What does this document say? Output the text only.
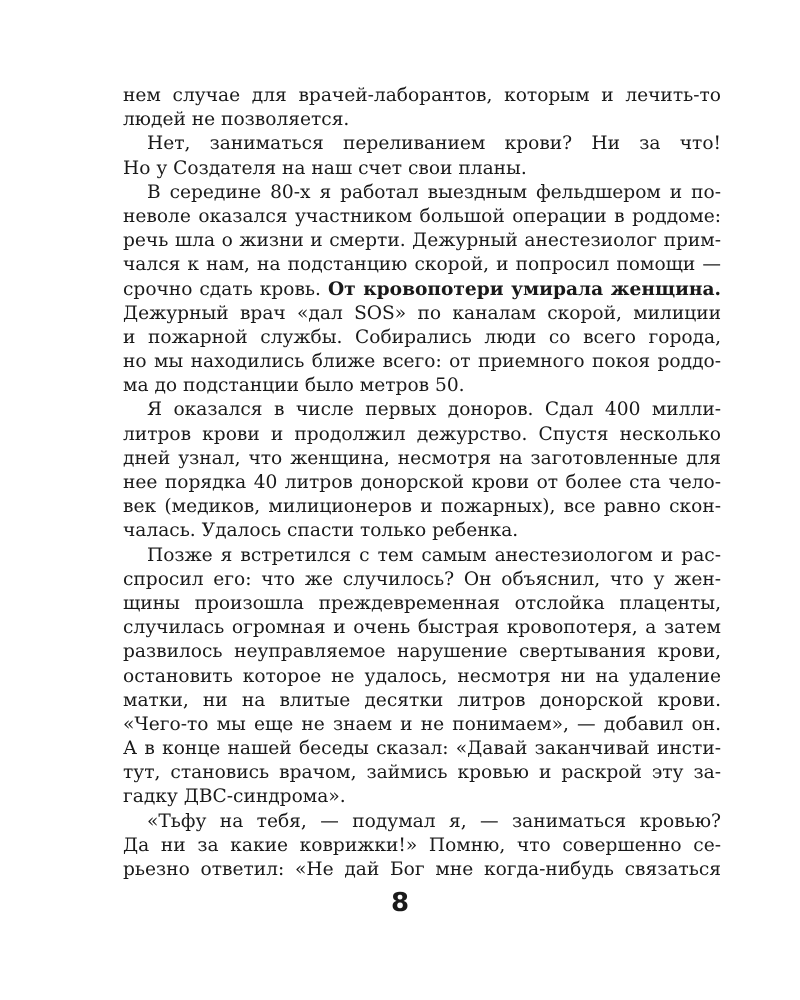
нем случае для врачей-лаборантов, которым и лечить-то
людей не позволяется.
Нет, заниматься переливанием крови? Ни за что!
Но у Создателя на наш счет свои планы.
В середине 80-х я работал выездным фельдшером и по-
неволе оказался участником большой операции в роддоме:
речь шла о жизни и смерти. Дежурный анестезиолог прим-
чался к нам, на подстанцию скорой, и попросил помощи —
срочно сдать кровь. От кровопотери умирала женщина.
Дежурный врач «дал SOS» по каналам скорой, милиции
и пожарной службы. Собирались люди со всего города,
но мы находились ближе всего: от приемного покоя роддо-
ма до подстанции было метров 50.
Я оказался в числе первых доноров. Сдал 400 милли-
литров крови и продолжил дежурство. Спустя несколько
дней узнал, что женщина, несмотря на заготовленные для
нее порядка 40 литров донорской крови от более ста чело-
век (медиков, милиционеров и пожарных), все равно скон-
чалась. Удалось спасти только ребенка.
Позже я встретился с тем самым анестезиологом и рас-
спросил его: что же случилось? Он объяснил, что у жен-
щины произошла преждевременная отслойка плаценты,
случилась огромная и очень быстрая кровопотеря, а затем
развилось неуправляемое нарушение свертывания крови,
остановить которое не удалось, несмотря ни на удаление
матки, ни на влитые десятки литров донорской крови.
«Чего-то мы еще не знаем и не понимаем», — добавил он.
А в конце нашей беседы сказал: «Давай заканчивай инсти-
тут, становись врачом, займись кровью и раскрой эту за-
гадку ДВС-синдрома».
«Тьфу на тебя, — подумал я, — заниматься кровью?
Да ни за какие коврижки!» Помню, что совершенно се-
рьезно ответил: «Не дай Бог мне когда-нибудь связаться
8
